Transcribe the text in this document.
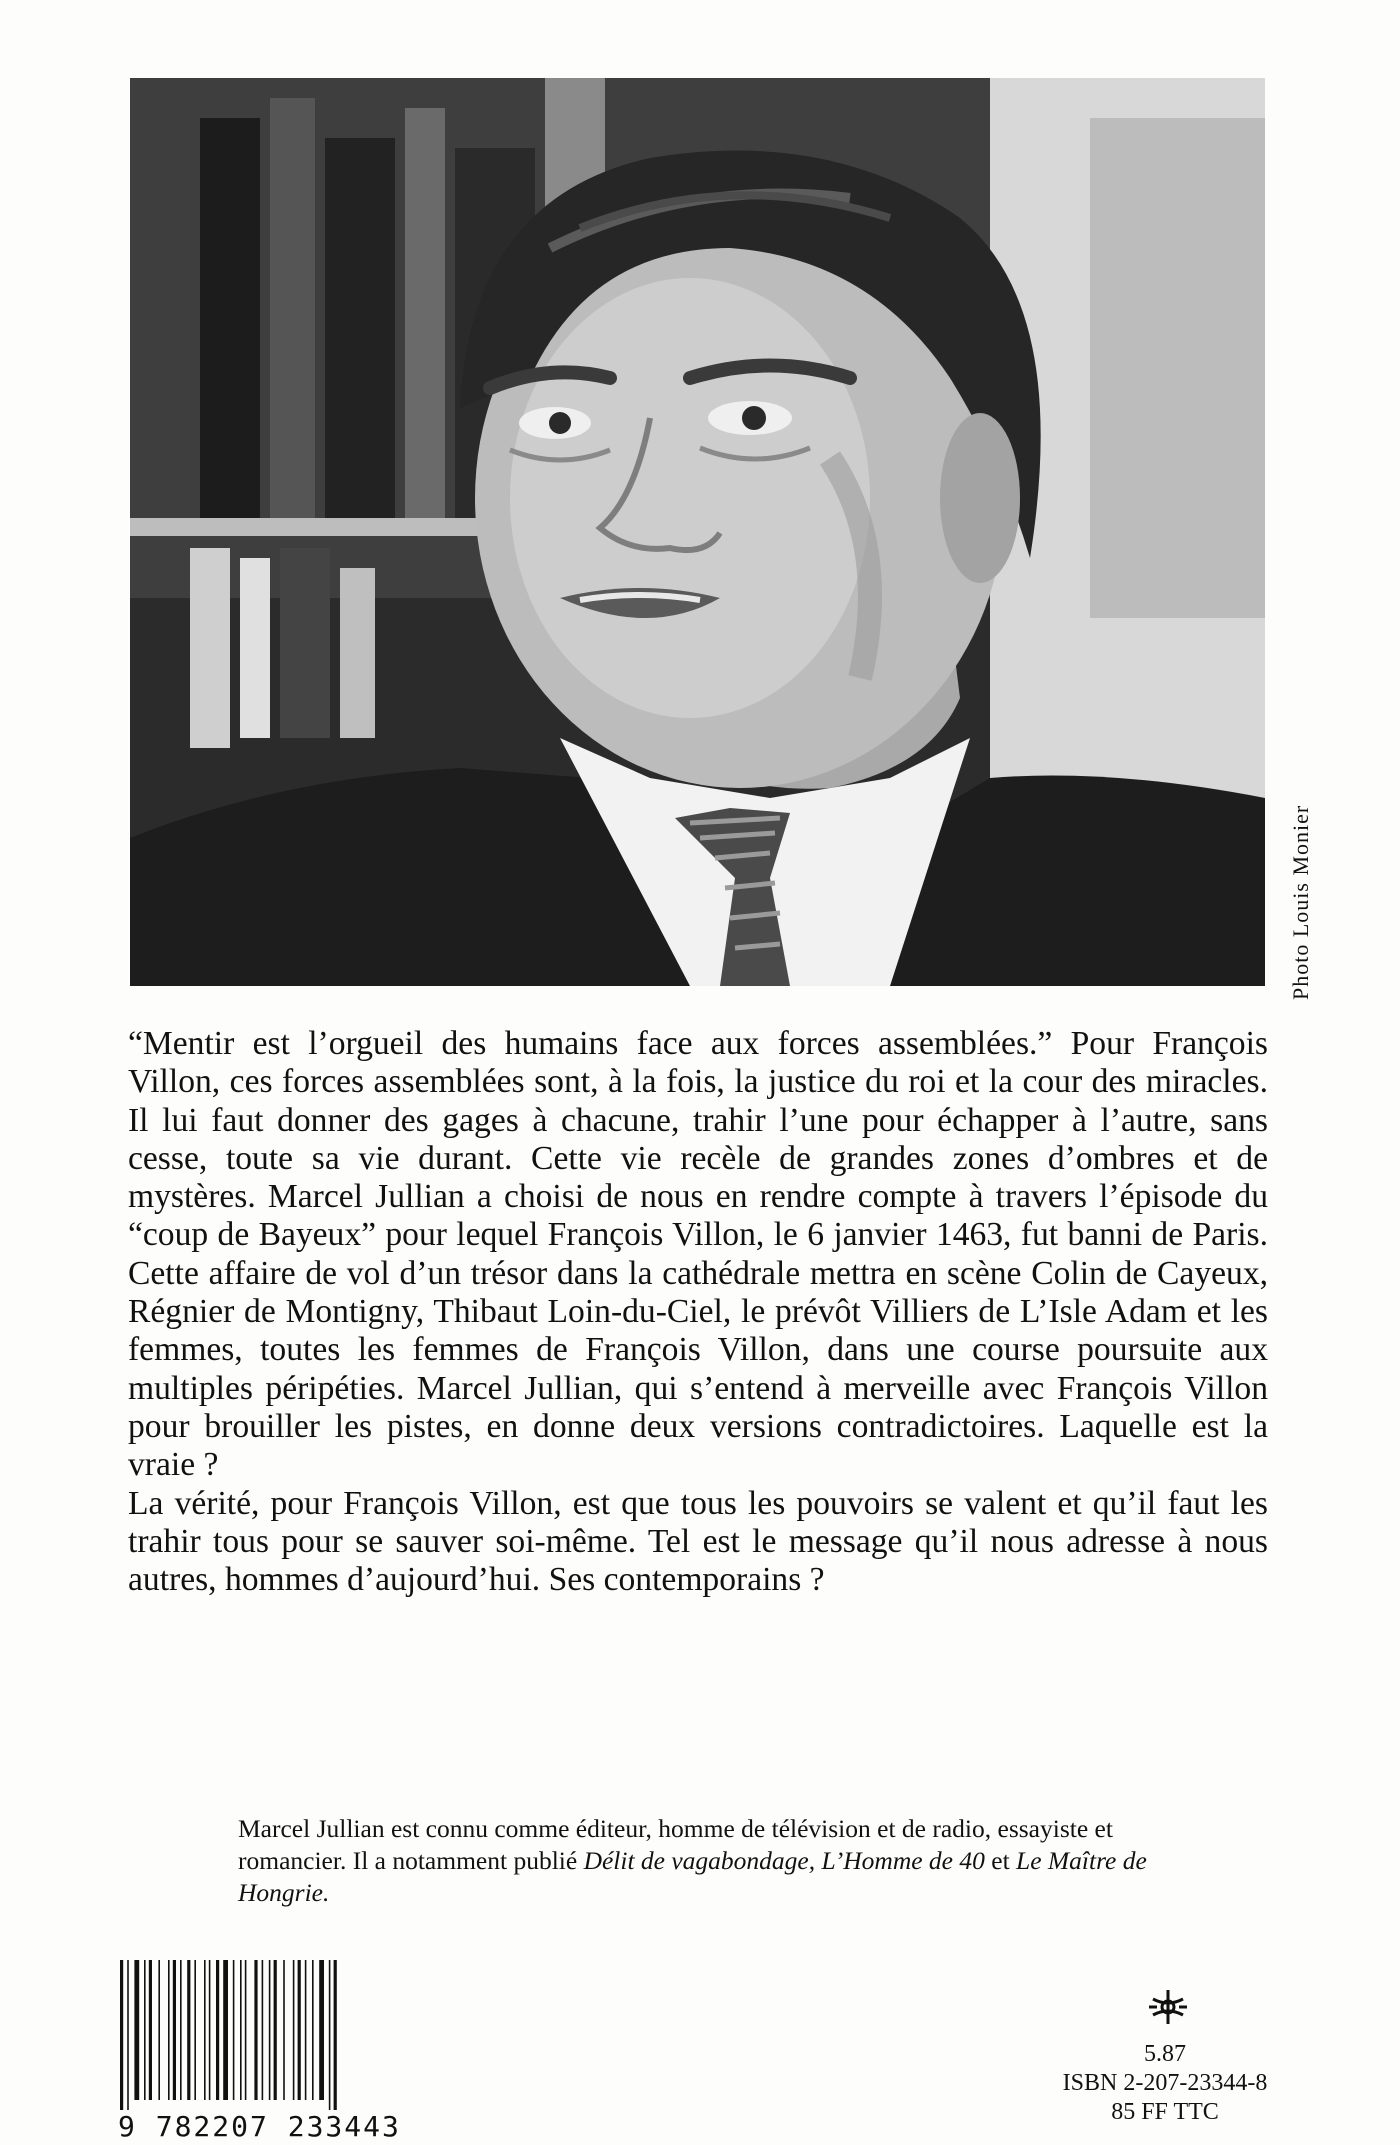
Photo Louis Monier

“Mentir est l’orgueil des humains face aux forces assemblées.” Pour François Villon, ces forces assemblées sont, à la fois, la justice du roi et la cour des miracles. Il lui faut donner des gages à chacune, trahir l’une pour échapper à l’autre, sans cesse, toute sa vie durant. Cette vie recèle de grandes zones d’ombres et de mystères. Marcel Jullian a choisi de nous en rendre compte à travers l’épisode du “coup de Bayeux” pour lequel François Villon, le 6 janvier 1463, fut banni de Paris. Cette affaire de vol d’un trésor dans la cathédrale mettra en scène Colin de Cayeux, Régnier de Montigny, Thibaut Loin-du-Ciel, le prévôt Villiers de L’Isle Adam et les femmes, toutes les femmes de François Villon, dans une course poursuite aux multiples péripéties. Marcel Jullian, qui s’entend à merveille avec François Villon pour brouiller les pistes, en donne deux versions contradictoires. Laquelle est la vraie ?

La vérité, pour François Villon, est que tous les pouvoirs se valent et qu’il faut les trahir tous pour se sauver soi-même. Tel est le message qu’il nous adresse à nous autres, hommes d’aujourd’hui. Ses contemporains ?

Marcel Jullian est connu comme éditeur, homme de télévision et de radio, essayiste et romancier. Il a notamment publié Délit de vagabondage, L’Homme de 40 et Le Maître de Hongrie.
9 782207 233443
5.87
ISBN 2-207-23344-8
85 FF TTC
